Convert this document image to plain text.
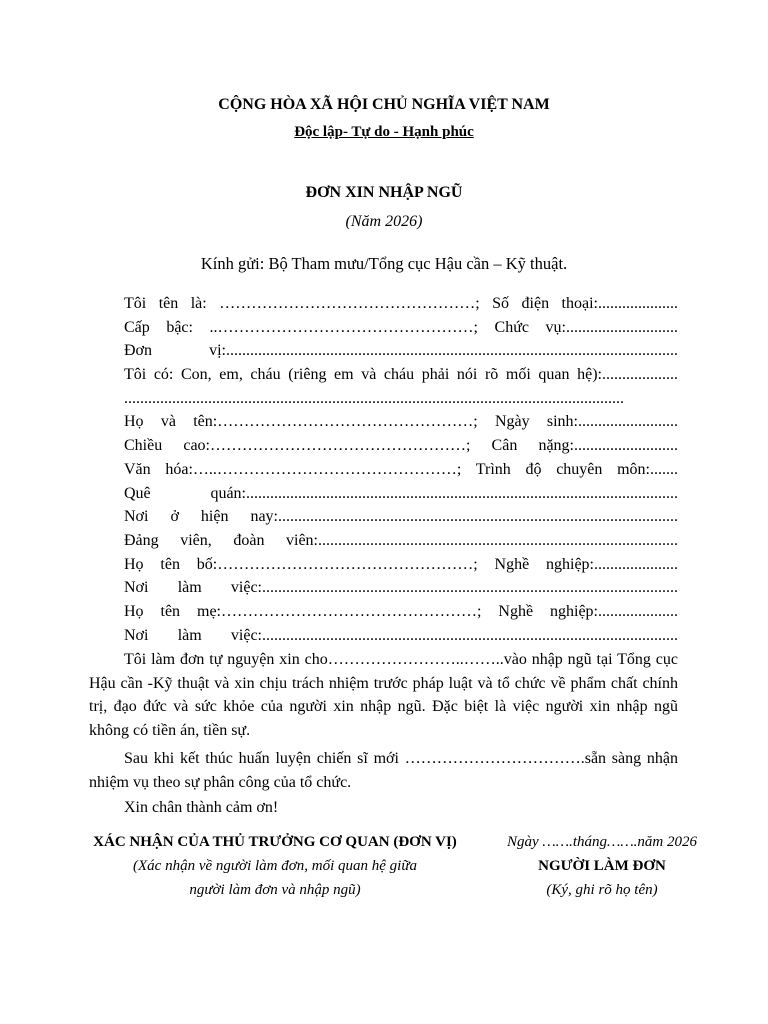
CỘNG HÒA XÃ HỘI CHỦ NGHĨA VIỆT NAM
Độc lập- Tự do - Hạnh phúc
ĐƠN XIN NHẬP NGŨ
(Năm 2026)
Kính gửi: Bộ Tham mưu/Tổng cục Hậu cần – Kỹ thuật.
Tôi tên là: …………………………………………; Số điện thoại:....................
Cấp bậc: ..…………………………………………; Chức vụ:............................
Đơn vị:.................................................................................................................
Tôi có: Con, em, cháu (riêng em và cháu phải nói rõ mối quan hệ):...................
.............................................................................................................................
Họ và tên:…………………………………………; Ngày sinh:.........................
Chiều cao:…………………………………………; Cân nặng:..........................
Văn hóa:…..………………………………………; Trình độ chuyên môn:.......
Quê quán:............................................................................................................
Nơi ở hiện nay:....................................................................................................
Đảng viên, đoàn viên:..........................................................................................
Họ tên bố:…………………………………………; Nghề nghiệp:.....................
Nơi làm việc:........................................................................................................
Họ tên mẹ:…………………………………………; Nghề nghiệp:....................
Nơi làm việc:........................................................................................................

Tôi làm đơn tự nguyện xin cho……………………..……..vào nhập ngũ tại Tổng cục Hậu cần -Kỹ thuật và xin chịu trách nhiệm trước pháp luật và tổ chức về phẩm chất chính trị, đạo đức và sức khỏe của người xin nhập ngũ. Đặc biệt là việc người xin nhập ngũ không có tiền án, tiền sự.

Sau khi kết thúc huấn luyện chiến sĩ mới …………………………….sẵn sàng nhận nhiệm vụ theo sự phân công của tổ chức.

Xin chân thành cảm ơn!

XÁC NHẬN CỦA THỦ TRƯỞNG CƠ QUAN (ĐƠN VỊ)
(Xác nhận về người làm đơn, mối quan hệ giữa
người làm đơn và nhập ngũ)
Ngày …….tháng…….năm 2026
NGƯỜI LÀM ĐƠN
(Ký, ghi rõ họ tên)
